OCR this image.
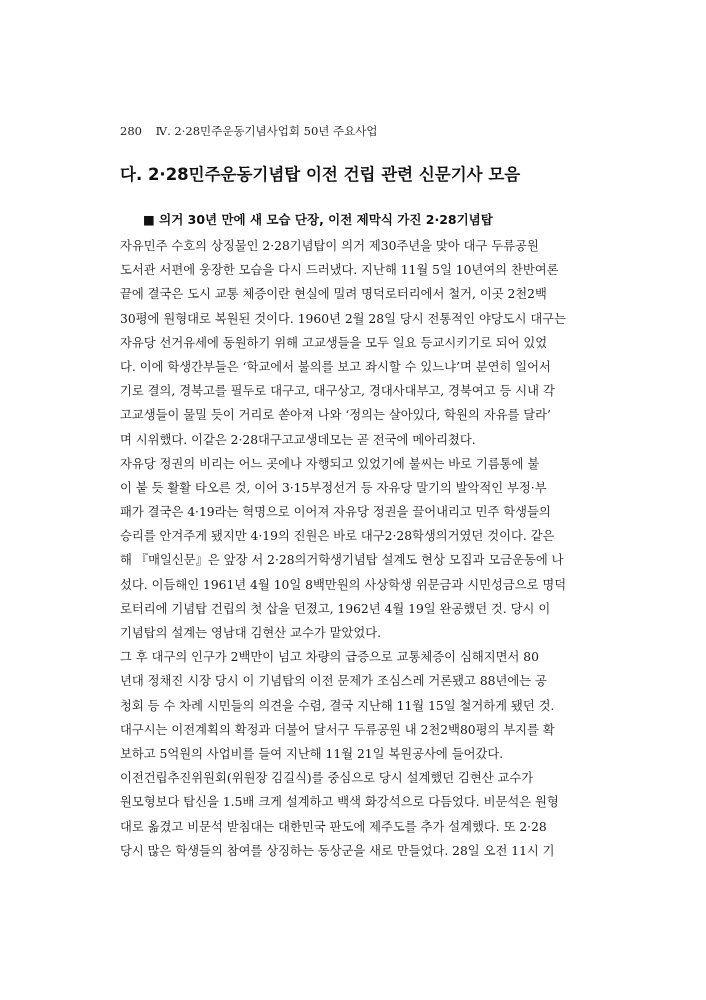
280 Ⅳ. 2·28민주운동기념사업회 50년 주요사업
다. 2·28민주운동기념탑 이전 건립 관련 신문기사 모음
■ 의거 30년 만에 새 모습 단장, 이전 제막식 가진 2·28기념탑
자유민주 수호의 상징물인 2·28기념탑이 의거 제30주년을 맞아 대구 두류공원
도서관 서편에 웅장한 모습을 다시 드러냈다. 지난해 11월 5일 10년여의 찬반여론
끝에 결국은 도시 교통 체증이란 현실에 밀려 명덕로터리에서 철거, 이곳 2천2백
30평에 원형대로 복원된 것이다. 1960년 2월 28일 당시 전통적인 야당도시 대구는
자유당 선거유세에 동원하기 위해 고교생들을 모두 일요 등교시키기로 되어 있었
다. 이에 학생간부들은 ‘학교에서 불의를 보고 좌시할 수 있느냐’며 분연히 일어서
기로 결의, 경북고를 필두로 대구고, 대구상고, 경대사대부고, 경북여고 등 시내 각
고교생들이 물밀 듯이 거리로 쏟아져 나와 ‘정의는 살아있다, 학원의 자유를 달라’
며 시위했다. 이같은 2·28대구고교생데모는 곧 전국에 메아리쳤다.
자유당 정권의 비리는 어느 곳에나 자행되고 있었기에 불씨는 바로 기름통에 불
이 붙 듯 활활 타오른 것, 이어 3·15부정선거 등 자유당 말기의 발악적인 부정·부
패가 결국은 4·19라는 혁명으로 이어져 자유당 정권을 끌어내리고 민주 학생들의
승리를 안겨주게 됐지만 4·19의 진원은 바로 대구2·28학생의거였던 것이다. 같은
해 『매일신문』은 앞장 서 2·28의거학생기념탑 설계도 현상 모집과 모금운동에 나
섰다. 이듬해인 1961년 4월 10일 8백만원의 사상학생 위문금과 시민성금으로 명덕
로터리에 기념탑 건립의 첫 삽을 던졌고, 1962년 4월 19일 완공했던 것. 당시 이
기념탑의 설계는 영남대 김현산 교수가 맡았었다.
그 후 대구의 인구가 2백만이 넘고 차량의 급증으로 교통체증이 심해지면서 80
년대 정채진 시장 당시 이 기념탑의 이전 문제가 조심스레 거론됐고 88년에는 공
청회 등 수 차례 시민들의 의견을 수렴, 결국 지난해 11월 15일 철거하게 됐던 것.
대구시는 이전계획의 확정과 더불어 달서구 두류공원 내 2천2백80평의 부지를 확
보하고 5억원의 사업비를 들여 지난해 11월 21일 복원공사에 들어갔다.
이전건립추진위원회(위원장 김길식)를 중심으로 당시 설계했던 김현산 교수가
원모형보다 탑신을 1.5배 크게 설계하고 백색 화강석으로 다듬었다. 비문석은 원형
대로 옮겼고 비문석 받침대는 대한민국 판도에 제주도를 추가 설계했다. 또 2·28
당시 많은 학생들의 참여를 상징하는 동상군을 새로 만들었다. 28일 오전 11시 기
